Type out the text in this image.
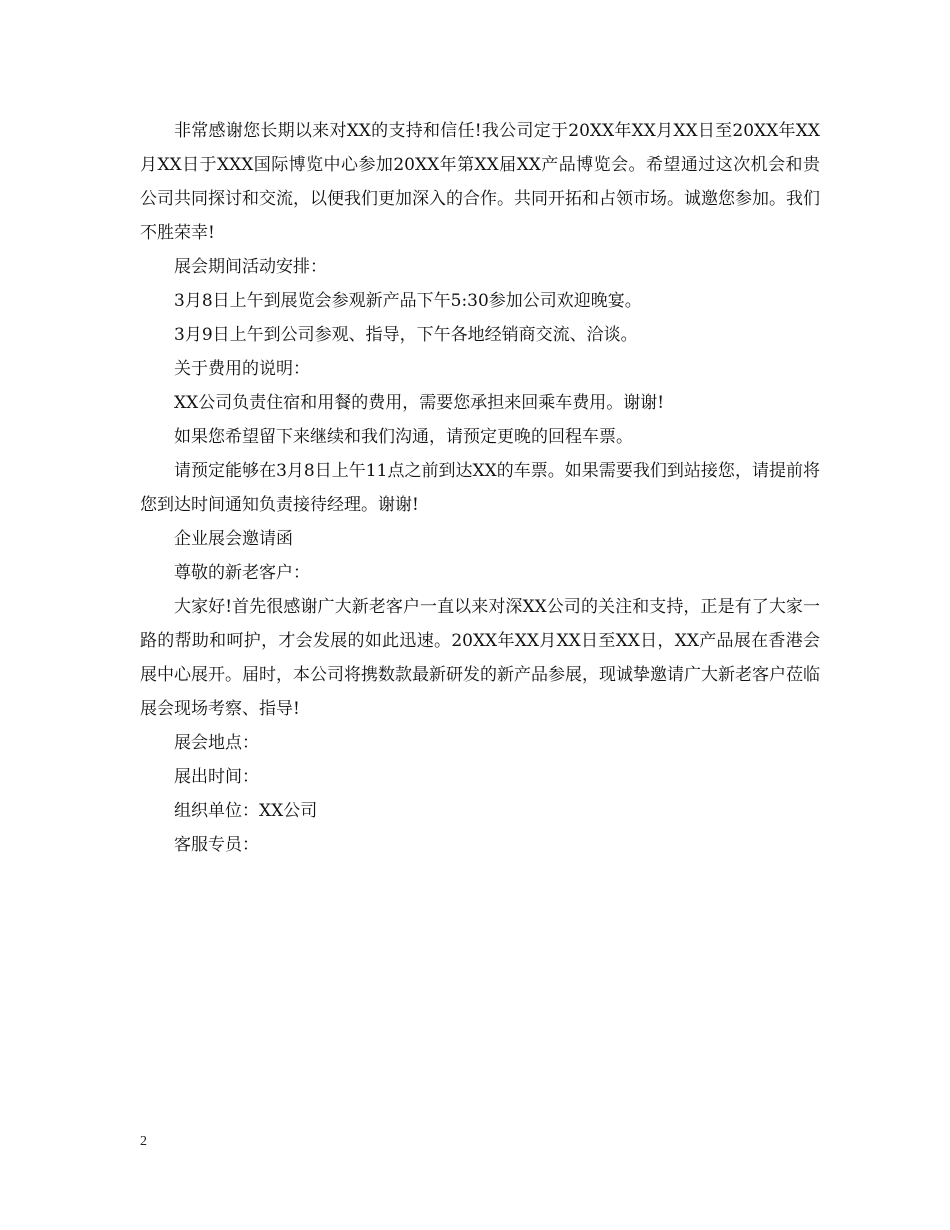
非常感谢您长期以来对XX的支持和信任!我公司定于20XX年XX月XX日至20XX年XX月XX日于XXX国际博览中心参加20XX年第XX届XX产品博览会。希望通过这次机会和贵公司共同探讨和交流，以便我们更加深入的合作。共同开拓和占领市场。诚邀您参加。我们不胜荣幸!

展会期间活动安排：

3月8日上午到展览会参观新产品下午5:30参加公司欢迎晚宴。

3月9日上午到公司参观、指导，下午各地经销商交流、洽谈。

关于费用的说明：

XX公司负责住宿和用餐的费用，需要您承担来回乘车费用。谢谢!

如果您希望留下来继续和我们沟通，请预定更晚的回程车票。

请预定能够在3月8日上午11点之前到达XX的车票。如果需要我们到站接您，请提前将您到达时间通知负责接待经理。谢谢!

企业展会邀请函

尊敬的新老客户：

大家好!首先很感谢广大新老客户一直以来对深XX公司的关注和支持，正是有了大家一路的帮助和呵护，才会发展的如此迅速。20XX年XX月XX日至XX日，XX产品展在香港会展中心展开。届时，本公司将携数款最新研发的新产品参展，现诚挚邀请广大新老客户莅临展会现场考察、指导!

展会地点：

展出时间：

组织单位：XX公司

客服专员：

2
